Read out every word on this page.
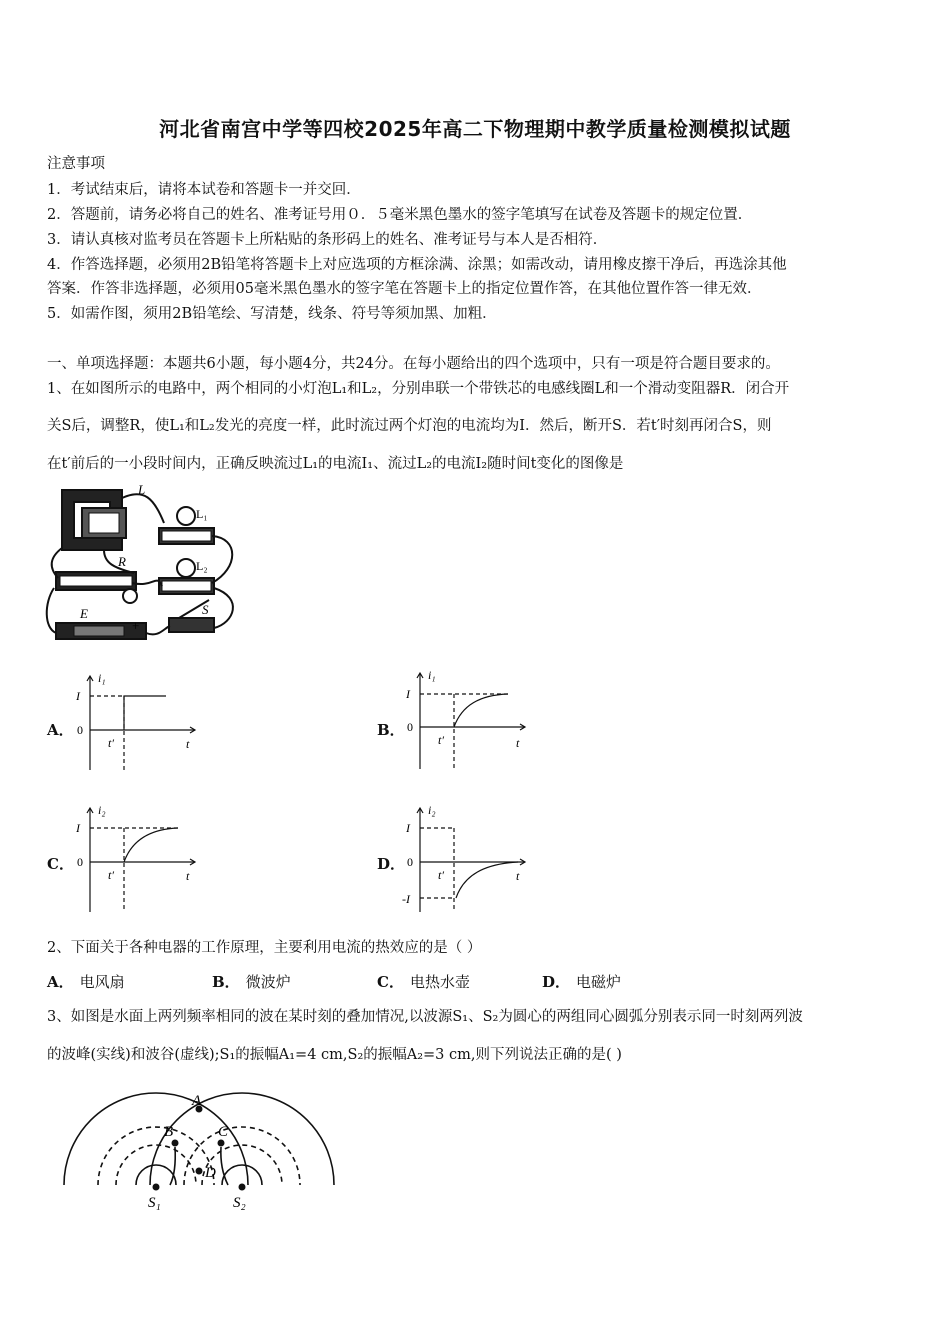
河北省南宫中学等四校2025年高二下物理期中教学质量检测模拟试题
注意事项
1．考试结束后，请将本试卷和答题卡一并交回．
2．答题前，请务必将自己的姓名、准考证号用０．５毫米黑色墨水的签字笔填写在试卷及答题卡的规定位置．
3．请认真核对监考员在答题卡上所粘贴的条形码上的姓名、准考证号与本人是否相符．
4．作答选择题，必须用2B铅笔将答题卡上对应选项的方框涂满、涂黑；如需改动，请用橡皮擦干净后，再选涂其他
答案．作答非选择题，必须用05毫米黑色墨水的签字笔在答题卡上的指定位置作答，在其他位置作答一律无效．
5．如需作图，须用2B铅笔绘、写清楚，线条、符号等须加黑、加粗．
一、单项选择题：本题共6小题，每小题4分，共24分。在每小题给出的四个选项中，只有一项是符合题目要求的。
1、在如图所示的电路中，两个相同的小灯泡L₁和L₂，分别串联一个带铁芯的电感线圈L和一个滑动变阻器R．闭合开
关S后，调整R，使L₁和L₂发光的亮度一样，此时流过两个灯泡的电流均为I．然后，断开S．若t′时刻再闭合S，则
在t′前后的一小段时间内，正确反映流过L₁的电流I₁、流过L₂的电流I₂随时间t变化的图像是
L
L₁
L₂
R
E	S
+
A．
i₁
I
0
t′	t
B．
i₁
I
0
t′	t
C．
i₂
I
0
t′	t
D．
i₂
I
0
t′	t
-I
2、下面关于各种电器的工作原理，主要利用电流的热效应的是（ ）
A． 电风扇	B． 微波炉	C． 电热水壶	D． 电磁炉
3、如图是水面上两列频率相同的波在某时刻的叠加情况,以波源S₁、S₂为圆心的两组同心圆弧分别表示同一时刻两列波
的波峰(实线)和波谷(虚线);S₁的振幅A₁=4 cm,S₂的振幅A₂=3 cm,则下列说法正确的是( )
A
B	C
D
S₁	S₂
